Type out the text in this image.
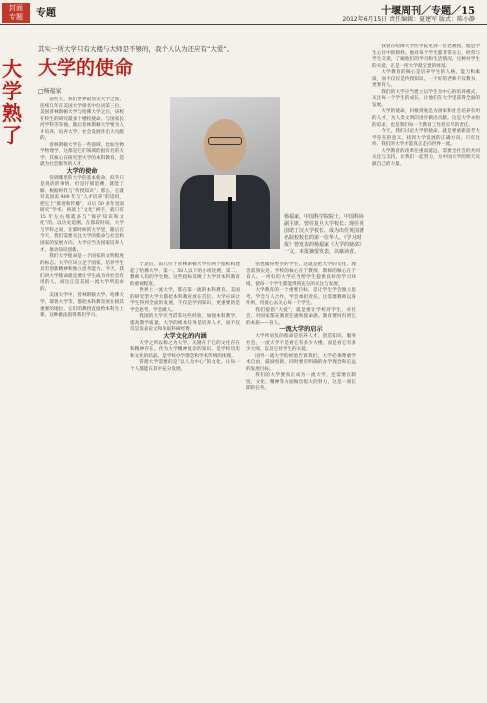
封面
专题	专题	十堰周刊／专题／15
2012年6月15日 责任编辑：夏建军 版式：陈小静
大学熟了
其实一所大学只有大楼与大师是不够的，我个人认为还应有“大爱”。
大学的使命
□杨福家

前些天，我们世界最顶尖大学之间，连续几年在美国大学排名中位居第三位。美国普林斯顿大学与哈佛大学之后，该校在校生的研究最多十楼校使命。与国家长河学科等等抽。随后普林斯顿大学要为人才培养，培养大学，社会发展作出大贡献的。

普林斯顿大学在一些领域，比如生物学物理学，这都是它们领域的很有名的大学；其核心在研究型大学的本科教育，造就为社会服务的人才。

大学的使命

你到哪里的大学的基本使命，似乎只是说话的事情，但是仔细追溯，就能了解，根据时代与“传授知识”；那么，它就对美国说 400 年与“人才培养”的适用，把它上“推进和传播”，日后 50 多年里面研究“学术；两项上“文化”两字，就只有 15 年左右那就多与“保护知识和文化”的。以历史追溯，在那段时间，大学与学科之间，在那时候的大学里，随后在今天，我们需要关注大学的使命与社会和国家的发展方向，大学应当为国家培养人才，推动知识创新。

我们大学使命是一个国家的文明程度的标志。大学应该立足于国家，培养学生具有创新精神和独立思考能力。今天，我们讲大学使命就是要让学生成为对社会有用的人，而这正是美国一流大学所追求的。

美国大学中，普林斯顿大学、哈佛大学、耶鲁大学等，都把本科教育放在极其重要的地位。它们的教授直接给本科生上课，这种做法值得我们学习。

杨福家，中国科学院院士，中国科协副主席、曾任复旦大学校长；现任英国诺丁汉大学校长、成为出任英国著名院校校长的第一位华人。《学习时报》曾发表的杨福家《大学的使命》一文，本报摘要发表，以飨读者。

于灵后，前几位于普林斯顿大学有两个指标构建起了哈佛大学，第一。50人以下的小班比例，第二，教师人均的学生数。这些指标反映了大学对本科教育的重视程度。

世界上一流大学，都在第一流的本科教育。美国的研究型大学大都把本科教育放在首位。大学应该让学生得到全面的发展，不仅是学到知识，更重要的是学会思考、学会做人。

我国的大学应当借鉴这些经验，加强本科教学，提高教学质量。大学的根本任务是培养人才，而不仅仅是发表论文和争取科研经费。

大学文化的内涵

大学之所以称之为大学，关键在于它的文化存在和精神存在。作为大学精神复杂的知识，是学校历史和文化的结晶，是学校办学理念和学术传统的体现。

管理大学需要的是“以人为中心”的文化，让每一个人都能在其中充分发展。

别也做得更少的学生，这就是把大学的文化、理念落到实处。学校的核心在于教师，教师的核心在于育人。一所好的大学应当给学生提供良好的学习环境，使每一个学生都能得到充分的关注与发展。

大学教育的一个重要目标，是让学生学会独立思考，学会与人合作，学会承担责任。这需要教师以身作则，用爱心去关心每一个学生。

我们提倡“大爱”，就是要让学校对学生、对社会、对国家都充满责任感和使命感。教育要回归到它的本质——育人。

一流大学的启示

大学所肩负的使命是培养人才、创造知识、服务社会。一流大学不是看它有多少大楼，而是看它有多少大师，以及它对学生的关爱。

国外一流大学的经验告诉我们，大学必须尊重学术自由，鼓励创新，同时要有明确的办学理念和长远的发展目标。

我们的大学要真正成为一流大学，还需要在制度、文化、精神等方面做出很大的努力，这是一项长期的任务。

我曾在哈佛大学医学院见到一位老教授，他是学生心目中的榜样。他对每个学生都非常关心，经常与学生交谈，了解他们的学习和生活情况。这种对学生的关爱，正是一所大学最宝贵的财富。

大学教育的核心是培养学生的人格、能力和素质，而不仅仅是传授知识。一个好的老师不仅教书，更要育人。

我们的大学应当建立以学生为中心的培养模式，关注每一个学生的成长，让他们在大学里获得全面的发展。

大学的使命，归根到底是为国家和社会培养有用的人才，为人类文明的进步做出贡献。这是大学永恒的追求，也是我们每一个教育工作者应尽的责任。

今天，我们讨论大学的使命，就是要重新思考大学存在的意义，找到大学发展的正确方向。只有这样，我们的大学才能真正走向世界一流。

大学教育的改革任重而道远，需要全社会的共同关注与支持。让我们一起努力，为中国大学的明天贡献自己的力量。
